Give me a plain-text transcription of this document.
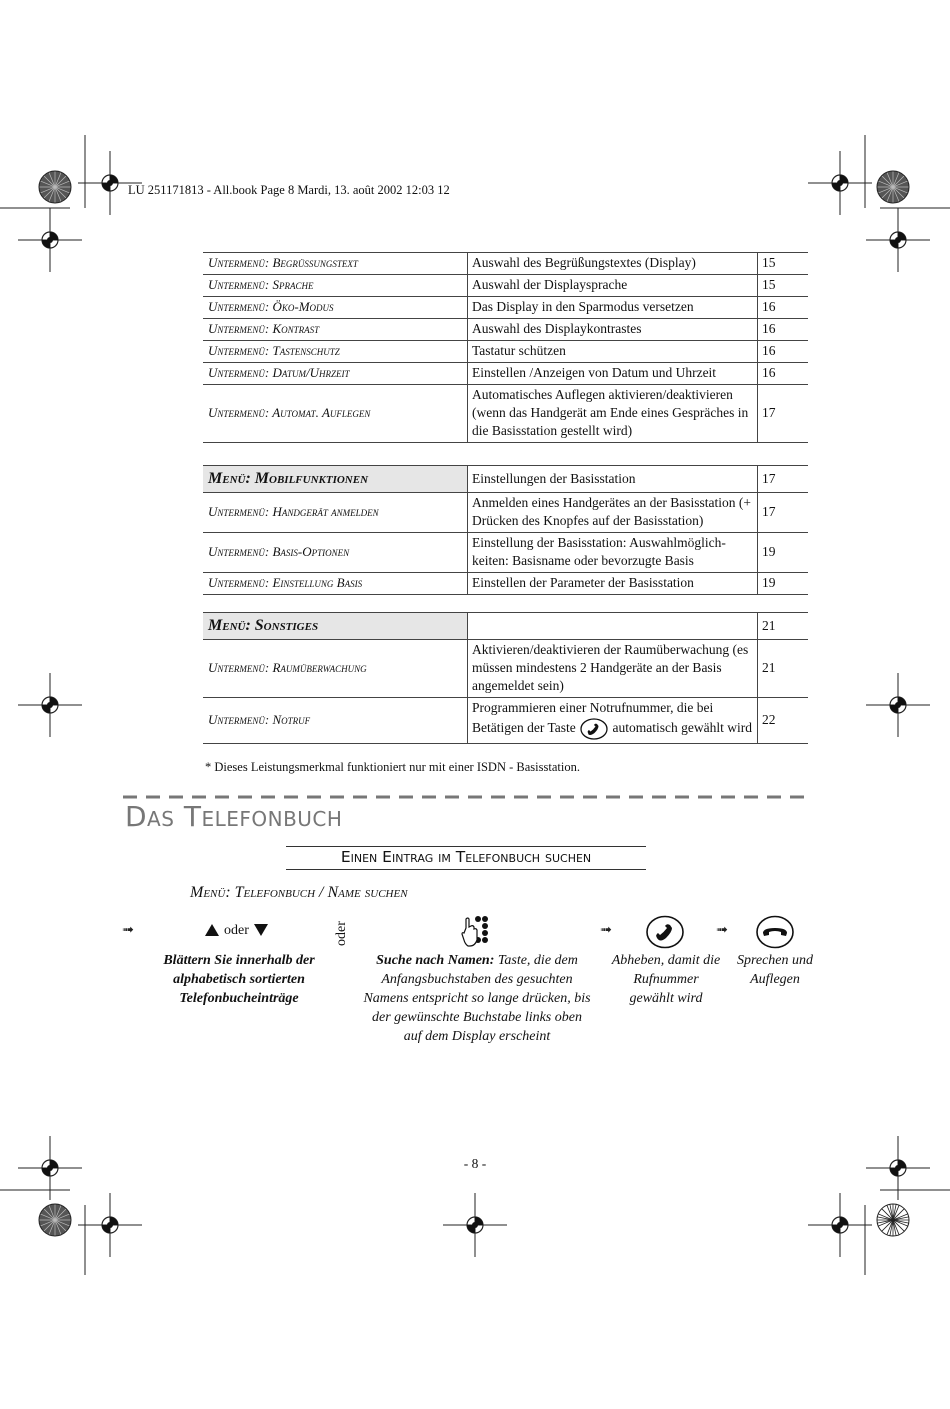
LU 251171813 - All.book Page 8 Mardi, 13. août 2002 12:03 12
Untermenü: Begrüssungstext	Auswahl des Begrüßungstextes (Display)	15
Untermenü: Sprache	Auswahl der Displaysprache	15
Untermenü: Öko-Modus	Das Display in den Sparmodus versetzen	16
Untermenü: Kontrast	Auswahl des Displaykontrastes	16
Untermenü: Tastenschutz	Tastatur schützen	16
Untermenü: Datum/Uhrzeit	Einstellen /Anzeigen von Datum und Uhrzeit	16
Untermenü: Automat. Auflegen	Automatisches Auflegen aktivieren/deaktivieren (wenn das Handgerät am Ende eines Gespräches in die Basisstation gestellt wird)	17
Menü: Mobilfunktionen	Einstellungen der Basisstation	17
Untermenü: Handgerät anmelden	Anmelden eines Handgerätes an der Basisstation (+ Drücken des Knopfes auf der Basisstation)	17
Untermenü: Basis-Optionen	Einstellung der Basisstation: Auswahlmöglich-keiten: Basisname oder bevorzugte Basis	19
Untermenü: Einstellung Basis	Einstellen der Parameter der Basisstation	19
Menü: Sonstiges		21
Untermenü: Raumüberwachung	Aktivieren/deaktivieren der Raumüberwachung (es müssen mindestens 2 Handgeräte an der Basis angemeldet sein)	21
Untermenü: Notruf	Programmieren einer Notrufnummer, die bei Betätigen der Taste automatisch gewählt wird	22
* Dieses Leistungsmerkmal funktioniert nur mit einer ISDN - Basisstation.
Das Telefonbuch
Einen Eintrag im Telefonbuch suchen
Menü: Telefonbuch / Name suchen
➟	➟	➟
oder
Blättern Sie innerhalb der alphabetisch sortierten Telefonbucheinträge
oder
Suche nach Namen: Taste, die dem Anfangsbuchstaben des gesuchten Namens entspricht so lange drücken, bis der gewünschte Buchstabe links oben auf dem Display erscheint
Abheben, damit die Rufnummer gewählt wird
Sprechen und Auflegen
- 8 -
